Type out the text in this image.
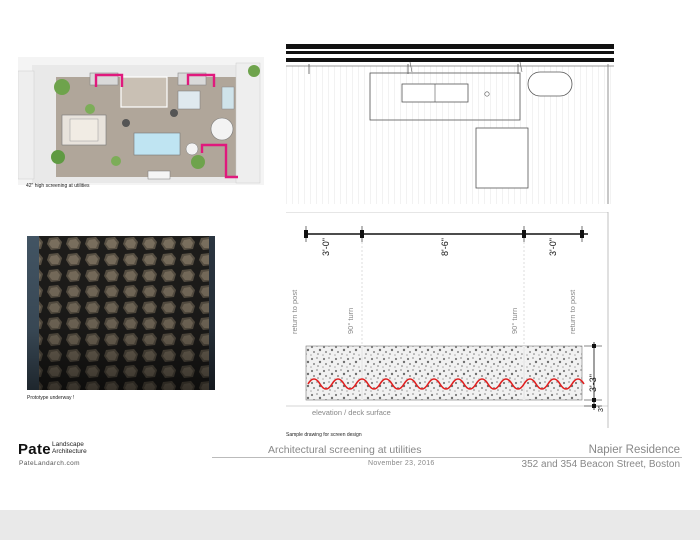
42" high screening at utilities
Prototype underway !
3'-0"	8'-6"	3'-0"
return to post	90° turn	90° turn	return to post
3'-3"
3"
elevation / deck surface
Sample drawing for screen design
Pate Landscape
Architecture
PateLandarch.com
Architectural screening at utilities
November 23, 2016
Napier Residence
352 and 354 Beacon Street, Boston
